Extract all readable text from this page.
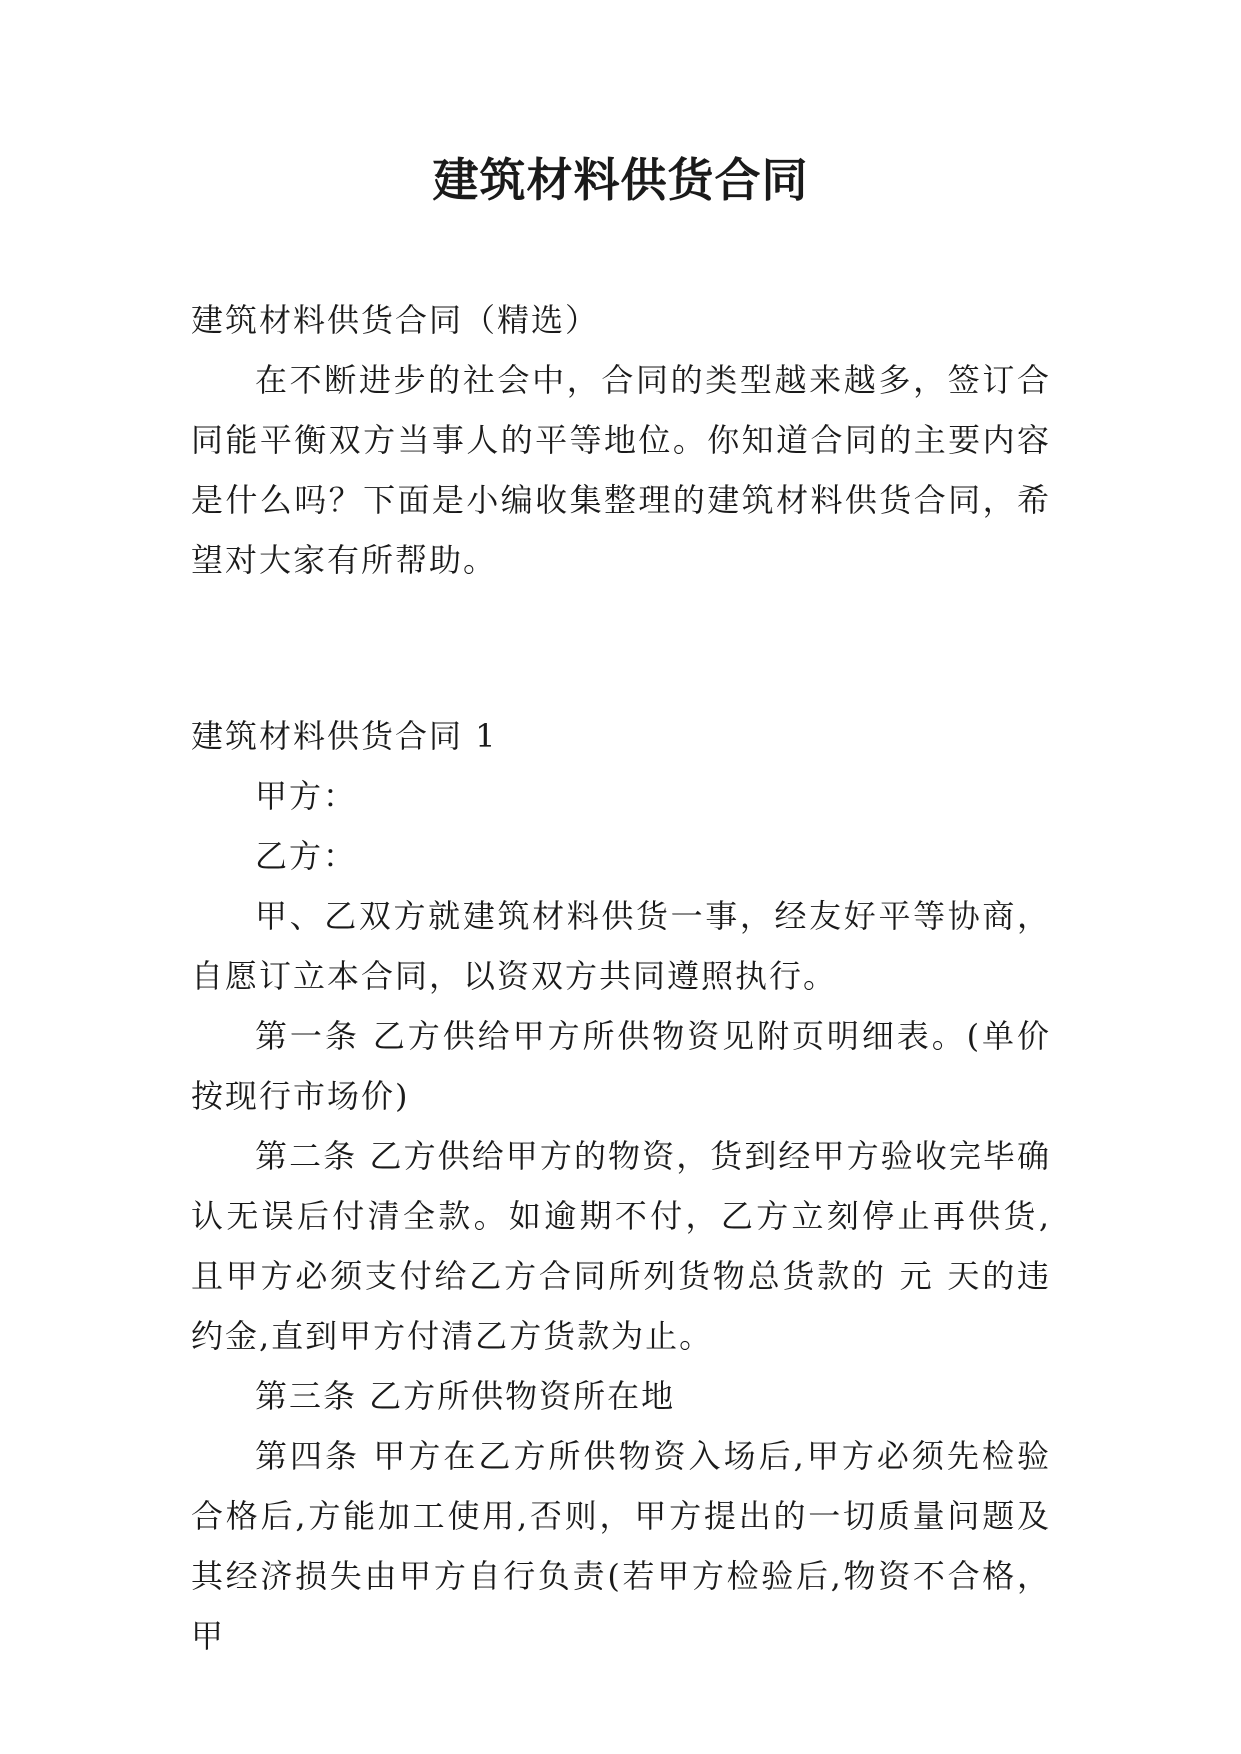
建筑材料供货合同

建筑材料供货合同（精选）

在不断进步的社会中，合同的类型越来越多，签订合同能平衡双方当事人的平等地位。你知道合同的主要内容是什么吗？下面是小编收集整理的建筑材料供货合同，希望对大家有所帮助。

建筑材料供货合同 1

甲方：

乙方：

甲、乙双方就建筑材料供货一事，经友好平等协商，自愿订立本合同，以资双方共同遵照执行。

第一条 乙方供给甲方所供物资见附页明细表。(单价按现行市场价)

第二条 乙方供给甲方的物资，货到经甲方验收完毕确认无误后付清全款。如逾期不付，乙方立刻停止再供货,且甲方必须支付给乙方合同所列货物总货款的 元 天的违约金,直到甲方付清乙方货款为止。

第三条 乙方所供物资所在地

第四条 甲方在乙方所供物资入场后,甲方必须先检验合格后,方能加工使用,否则，甲方提出的一切质量问题及其经济损失由甲方自行负责(若甲方检验后,物资不合格，甲
